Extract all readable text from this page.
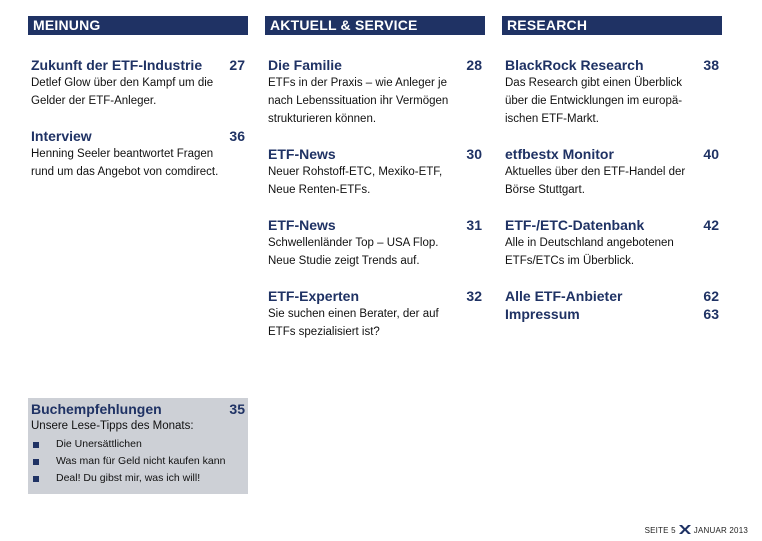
MEINUNG
Zukunft der ETF-Industrie 27
Detlef Glow über den Kampf um die
Gelder der ETF-Anleger.
Interview	36
Henning Seeler beantwortet Fragen
rund um das Angebot von comdirect.
AKTUELL & SERVICE
Die Familie	28
ETFs in der Praxis – wie Anleger je
nach Lebenssituation ihr Vermögen
strukturieren können.
ETF-News	30
Neuer Rohstoff-ETC, Mexiko-ETF,
Neue Renten-ETFs.
ETF-News	31
Schwellenländer Top – USA Flop.
Neue Studie zeigt Trends auf.
ETF-Experten	32
Sie suchen einen Berater, der auf
ETFs spezialisiert ist?
RESEARCH
BlackRock Research	38
Das Research gibt einen Überblick
über die Entwicklungen im europä-
ischen ETF-Markt.
etfbestx Monitor	40
Aktuelles über den ETF-Handel der
Börse Stuttgart.
ETF-/ETC-Datenbank	42
Alle in Deutschland angebotenen
ETFs/ETCs im Überblick.
Alle ETF-Anbieter	62
Impressum	63
Buchempfehlungen	35
Unsere Lese-Tipps des Monats:
Die Unersättlichen
Was man für Geld nicht kaufen kann
Deal! Du gibst mir, was ich will!
SEITE 5 JANUAR 2013
